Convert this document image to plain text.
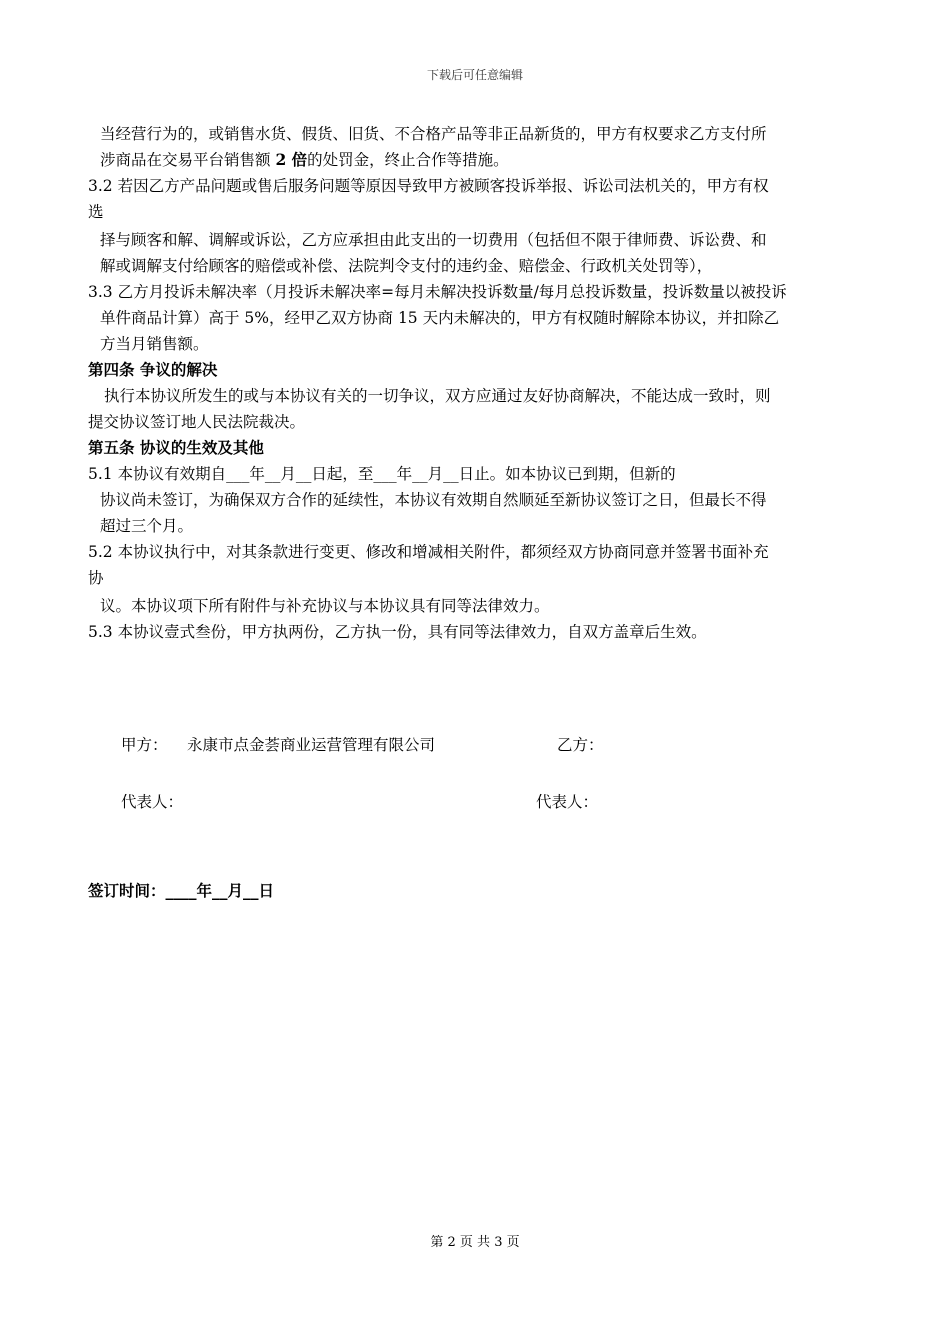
下载后可任意编辑
当经营行为的，或销售水货、假货、旧货、不合格产品等非正品新货的，甲方有权要求乙方支付所
涉商品在交易平台销售额 2 倍的处罚金，终止合作等措施。
3.2 若因乙方产品问题或售后服务问题等原因导致甲方被顾客投诉举报、诉讼司法机关的，甲方有权
选
择与顾客和解、调解或诉讼，乙方应承担由此支出的一切费用（包括但不限于律师费、诉讼费、和
解或调解支付给顾客的赔偿或补偿、法院判令支付的违约金、赔偿金、行政机关处罚等），
3.3 乙方月投诉未解决率（月投诉未解决率=每月未解决投诉数量/每月总投诉数量，投诉数量以被投诉
单件商品计算）高于 5%，经甲乙双方协商 15 天内未解决的，甲方有权随时解除本协议，并扣除乙
方当月销售额。
第四条 争议的解决
执行本协议所发生的或与本协议有关的一切争议，双方应通过友好协商解决，不能达成一致时，则
提交协议签订地人民法院裁决。
第五条 协议的生效及其他
5.1 本协议有效期自___年__月__日起，至___年__月__日止。如本协议已到期，但新的
协议尚未签订，为确保双方合作的延续性，本协议有效期自然顺延至新协议签订之日，但最长不得
超过三个月。
5.2 本协议执行中，对其条款进行变更、修改和增减相关附件，都须经双方协商同意并签署书面补充
协
议。本协议项下所有附件与补充协议与本协议具有同等法律效力。
5.3 本协议壹式叁份，甲方执两份，乙方执一份，具有同等法律效力，自双方盖章后生效。
甲方： 永康市点金荟商业运营管理有限公司	乙方：
代表人：	代表人：
签订时间：____年__月__日
第 2 页 共 3 页
